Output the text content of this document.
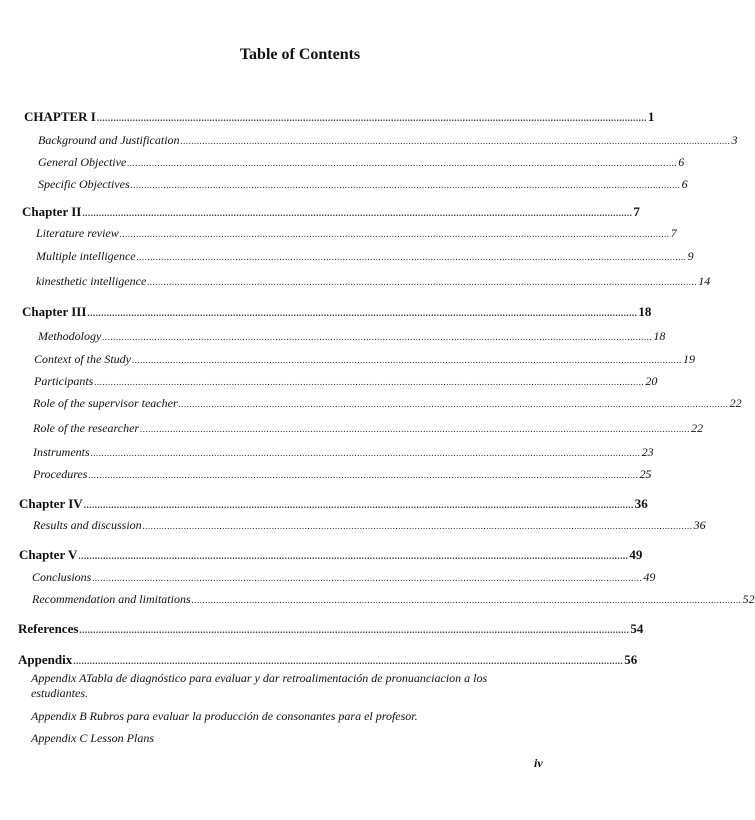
Table of Contents
CHAPTER I ........................................................................................................................................................................................................ 1
Background and Justification ........................................................................................................................................................................................................ 3
General Objective ........................................................................................................................................................................................................ 6
Specific Objectives ........................................................................................................................................................................................................ 6
Chapter II ........................................................................................................................................................................................................ 7
Literature review ........................................................................................................................................................................................................ 7
Multiple intelligence ........................................................................................................................................................................................................ 9
kinesthetic intelligence ........................................................................................................................................................................................................ 14
Chapter III ........................................................................................................................................................................................................ 18
Methodology ........................................................................................................................................................................................................ 18
Context of the Study ........................................................................................................................................................................................................ 19
Participants ........................................................................................................................................................................................................ 20
Role of the supervisor teacher ........................................................................................................................................................................................................ 22
Role of the researcher ........................................................................................................................................................................................................ 22
Instruments ........................................................................................................................................................................................................ 23
Procedures ........................................................................................................................................................................................................ 25
Chapter IV ........................................................................................................................................................................................................ 36
Results and discussion ........................................................................................................................................................................................................ 36
Chapter V ........................................................................................................................................................................................................ 49
Conclusions ........................................................................................................................................................................................................ 49
Recommendation and limitations ........................................................................................................................................................................................................ 52
References ........................................................................................................................................................................................................ 54
Appendix ........................................................................................................................................................................................................ 56
Appendix ATabla de diagnóstico para evaluar y dar retroalimentación de pronuanciacion a los estudiantes.
Appendix B Rubros para evaluar la producción de consonantes para el profesor.
Appendix C Lesson Plans
iv
